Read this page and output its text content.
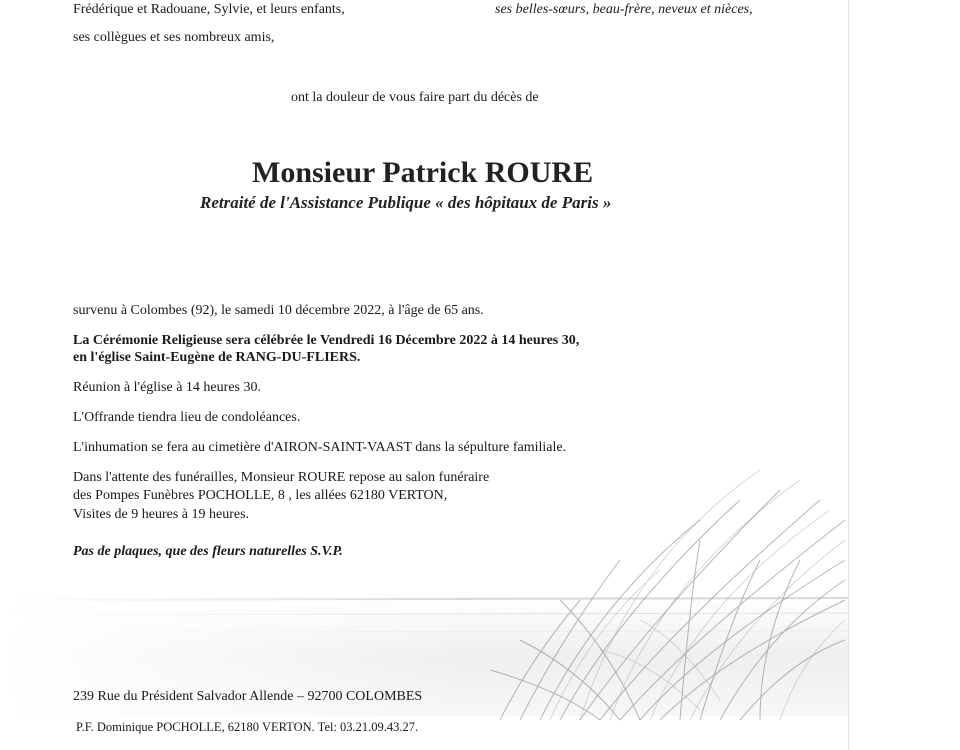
Frédérique et Radouane, Sylvie, et leurs enfants,	ses belles-sœurs, beau-frère, neveux et nièces,
ses collègues et ses nombreux amis,
ont la douleur de vous faire part du décès de
Monsieur Patrick ROURE
Retraité de l'Assistance Publique « des hôpitaux de Paris »
survenu à Colombes (92), le samedi 10 décembre 2022, à l'âge de 65 ans.
La Cérémonie Religieuse sera célébrée le Vendredi 16 Décembre 2022 à 14 heures 30,
en l'église Saint-Eugène de RANG-DU-FLIERS.
Réunion à l'église à 14 heures 30.
L'Offrande tiendra lieu de condoléances.
L'inhumation se fera au cimetière d'AIRON-SAINT-VAAST dans la sépulture familiale.
Dans l'attente des funérailles, Monsieur ROURE repose au salon funéraire
des Pompes Funèbres POCHOLLE, 8 , les allées 62180 VERTON,
Visites de 9 heures à 19 heures.
Pas de plaques, que des fleurs naturelles S.V.P.
239 Rue du Président Salvador Allende – 92700 COLOMBES
P.F. Dominique POCHOLLE, 62180 VERTON. Tel: 03.21.09.43.27.
